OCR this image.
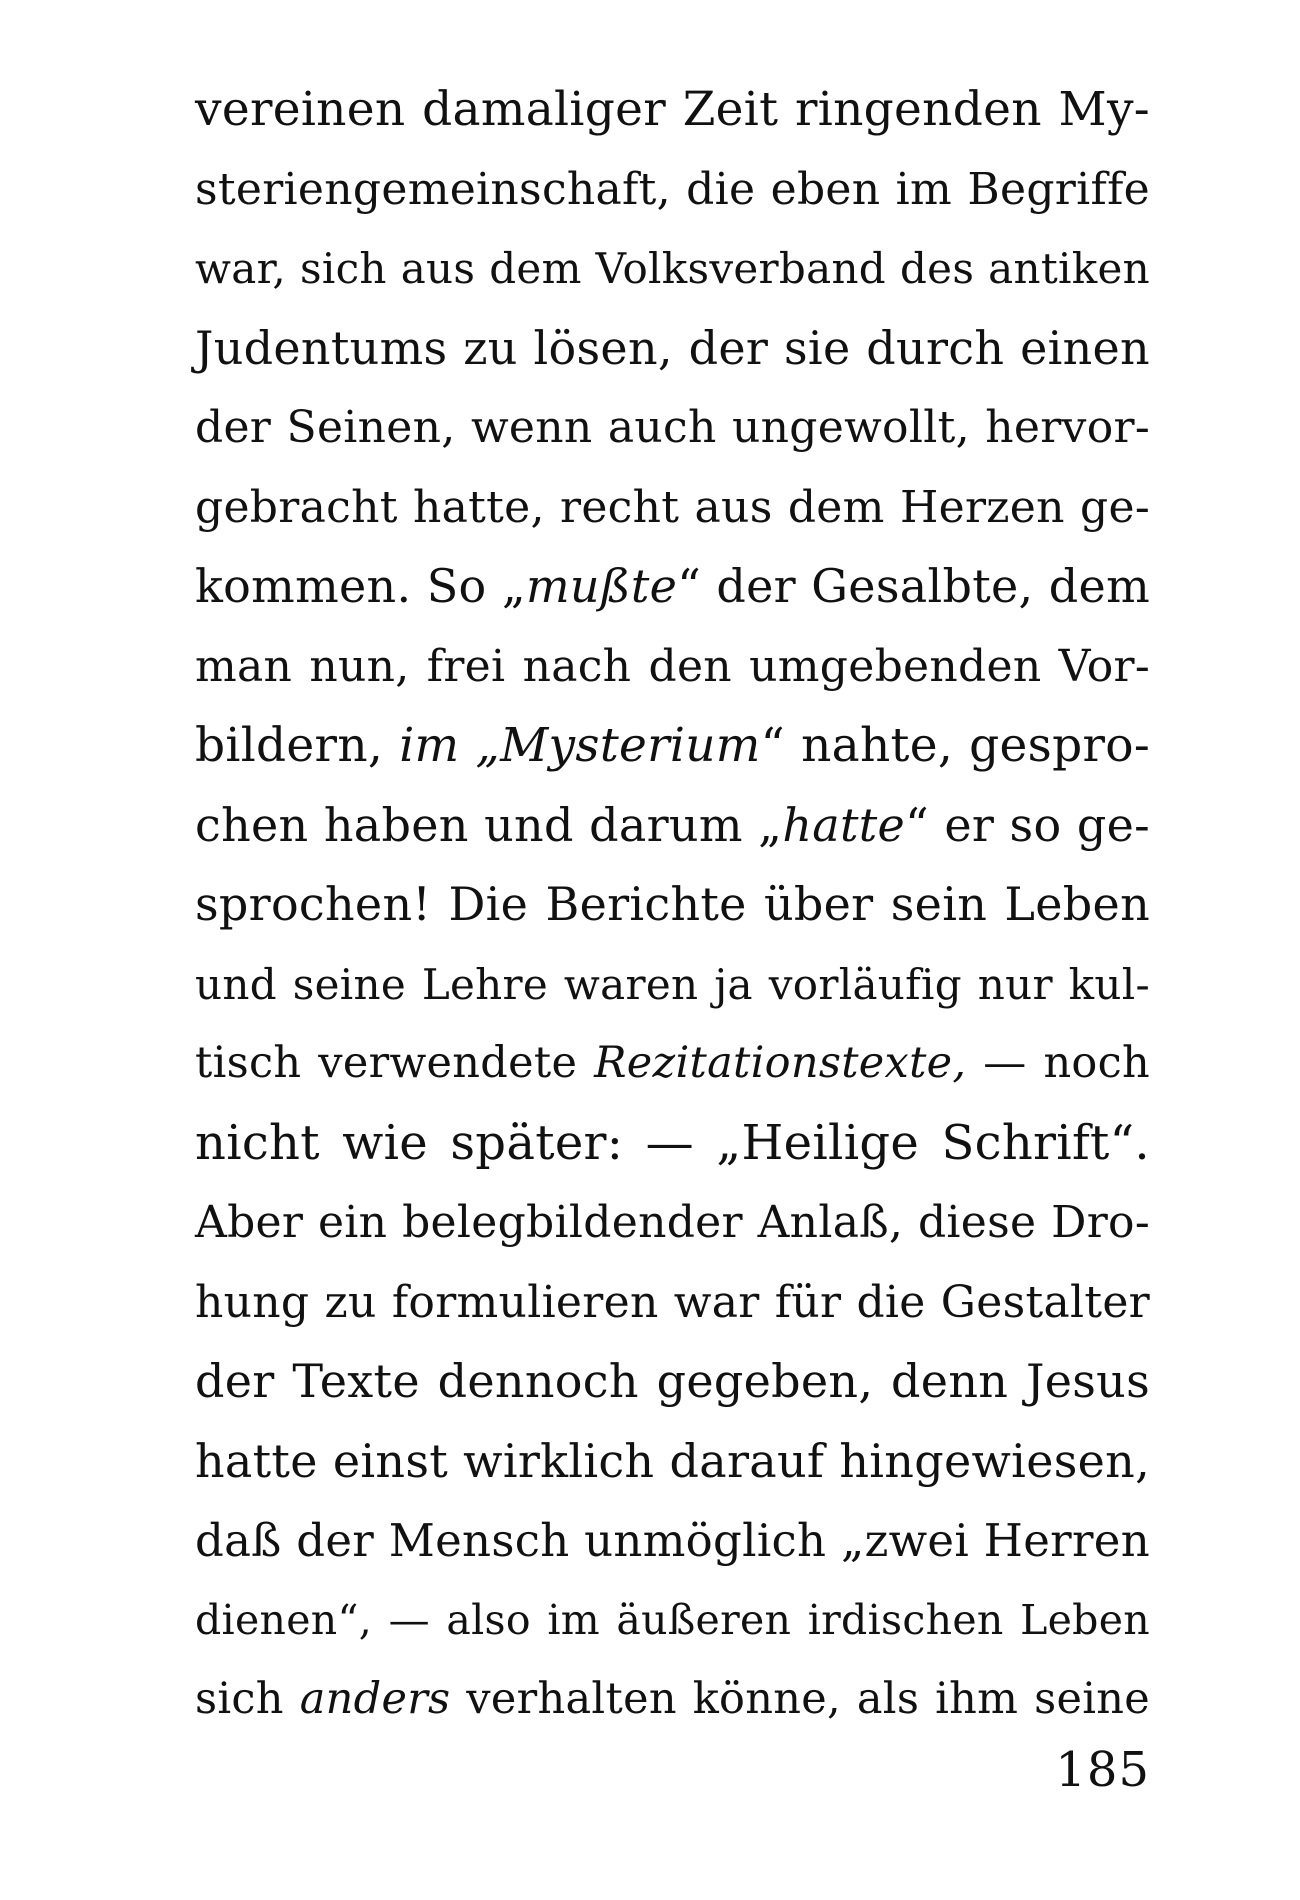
vereinen damaliger Zeit ringenden My-
steriengemeinschaft, die eben im Begriffe
war, sich aus dem Volksverband des antiken
Judentums zu lösen, der sie durch einen
der Seinen, wenn auch ungewollt, hervor-
gebracht hatte, recht aus dem Herzen ge-
kommen. So „mußte“ der Gesalbte, dem
man nun, frei nach den umgebenden Vor-
bildern, im „Mysterium“ nahte, gespro-
chen haben und darum „hatte“ er so ge-
sprochen! Die Berichte über sein Leben
und seine Lehre waren ja vorläufig nur kul-
tisch verwendete Rezitationstexte, — noch
nicht wie später: — „Heilige Schrift“.
Aber ein belegbildender Anlaß, diese Dro-
hung zu formulieren war für die Gestalter
der Texte dennoch gegeben, denn Jesus
hatte einst wirklich darauf hingewiesen,
daß der Mensch unmöglich „zwei Herren
dienen“, — also im äußeren irdischen Leben
sich anders verhalten könne, als ihm seine
185
